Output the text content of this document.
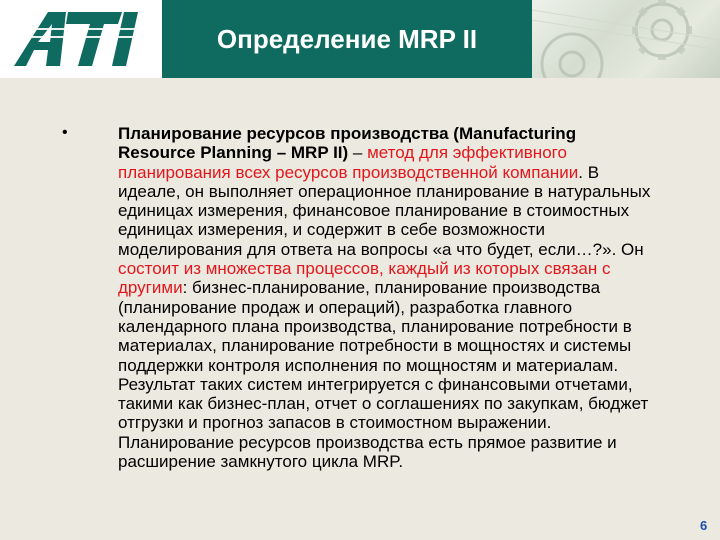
ATI
Определение MRP II
•	Планирование ресурсов производства (Manufacturing Resource Planning – MRP II) – метод для эффективного планирования всех ресурсов производственной компании. В идеале, он выполняет операционное планирование в натуральных единицах измерения, финансовое планирование в стоимостных единицах измерения, и содержит в себе возможности моделирования для ответа на вопросы «а что будет, если…?». Он состоит из множества процессов, каждый из которых связан с другими: бизнес-планирование, планирование производства (планирование продаж и операций), разработка главного календарного плана производства, планирование потребности в материалах, планирование потребности в мощностях и системы поддержки контроля исполнения по мощностям и материалам. Результат таких систем интегрируется с финансовыми отчетами, такими как бизнес-план, отчет о соглашениях по закупкам, бюджет отгрузки и прогноз запасов в стоимостном выражении. Планирование ресурсов производства есть прямое развитие и расширение замкнутого цикла MRP.
6
